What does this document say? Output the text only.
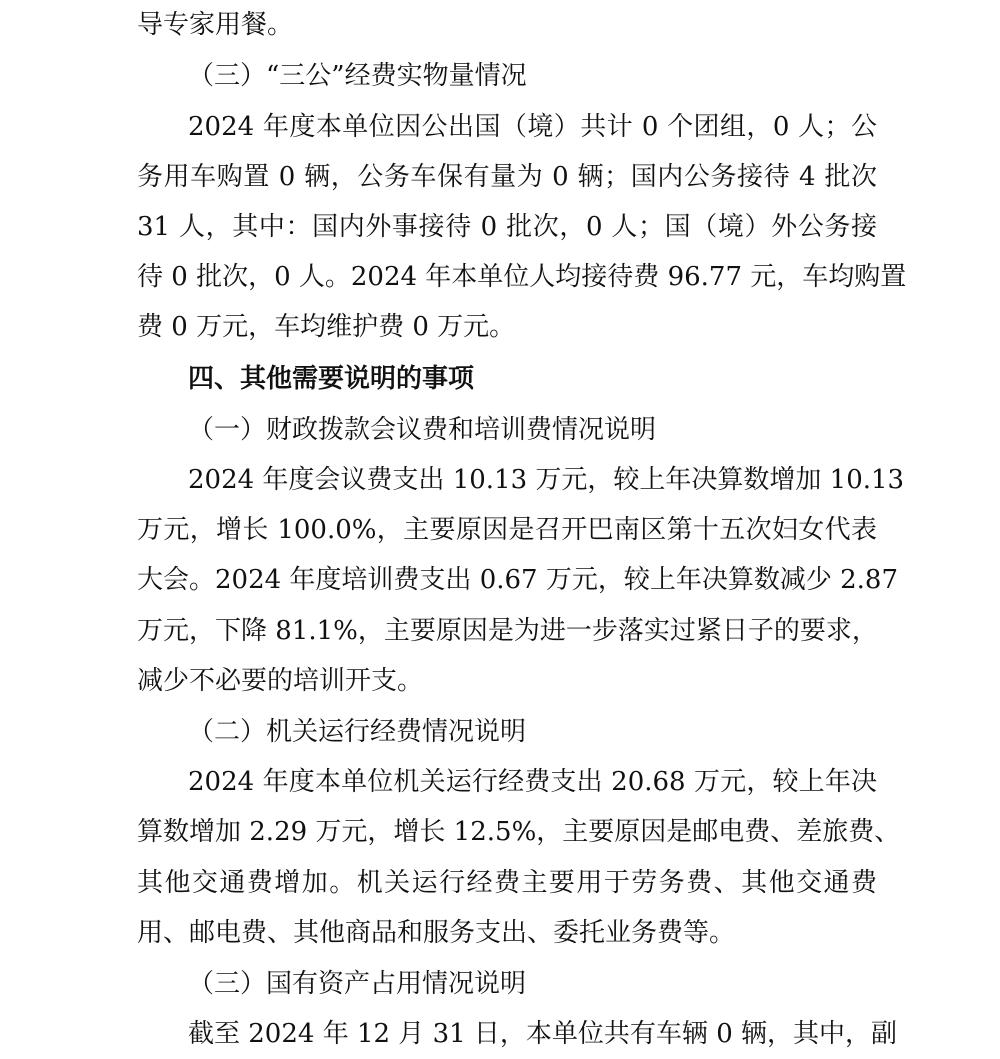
导专家用餐。
（三）“三公”经费实物量情况
2024 年度本单位因公出国（境）共计 0 个团组，0 人；公
务用车购置 0 辆，公务车保有量为 0 辆；国内公务接待 4 批次
31 人，其中：国内外事接待 0 批次，0 人；国（境）外公务接
待 0 批次，0 人。2024 年本单位人均接待费 96.77 元，车均购置
费 0 万元，车均维护费 0 万元。
四、其他需要说明的事项
（一）财政拨款会议费和培训费情况说明
2024 年度会议费支出 10.13 万元，较上年决算数增加 10.13
万元，增长 100.0%，主要原因是召开巴南区第十五次妇女代表
大会。2024 年度培训费支出 0.67 万元，较上年决算数减少 2.87
万元，下降 81.1%，主要原因是为进一步落实过紧日子的要求，
减少不必要的培训开支。
（二）机关运行经费情况说明
2024 年度本单位机关运行经费支出 20.68 万元，较上年决
算数增加 2.29 万元，增长 12.5%，主要原因是邮电费、差旅费、
其他交通费增加。机关运行经费主要用于劳务费、其他交通费
用、邮电费、其他商品和服务支出、委托业务费等。
（三）国有资产占用情况说明
截至 2024 年 12 月 31 日，本单位共有车辆 0 辆，其中，副
